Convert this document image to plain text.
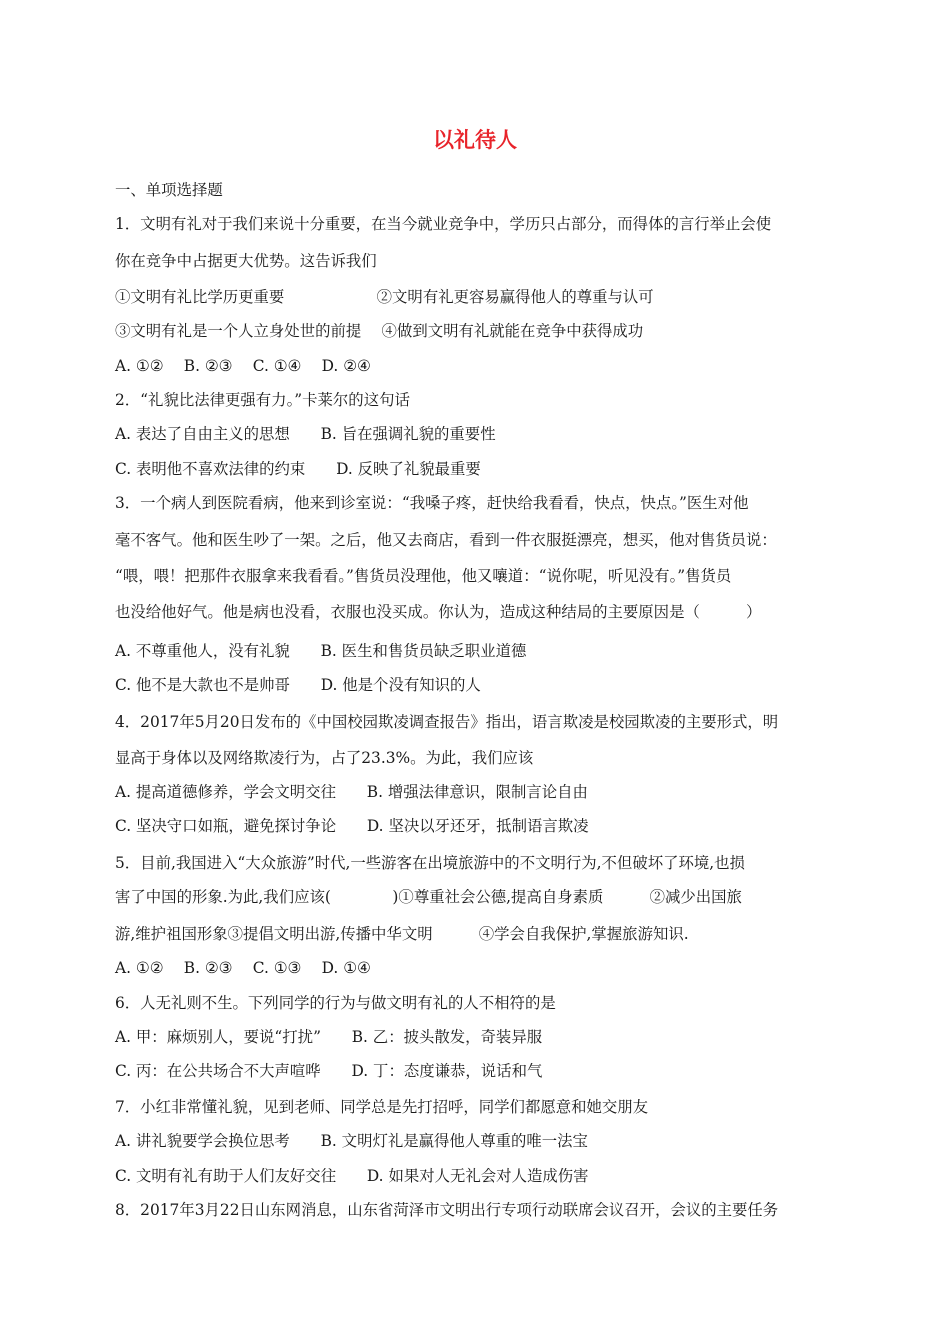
以礼待人
一、单项选择题
1．文明有礼对于我们来说十分重要，在当今就业竞争中，学历只占部分，而得体的言行举止会使
你在竞争中占据更大优势。这告诉我们
①文明有礼比学历更重要　　　　　　②文明有礼更容易赢得他人的尊重与认可
③文明有礼是一个人立身处世的前提　 ④做到文明有礼就能在竞争中获得成功
A. ①②　 B. ②③　 C. ①④　 D. ②④
2．“礼貌比法律更强有力。”卡莱尔的这句话
A. 表达了自由主义的思想　　B. 旨在强调礼貌的重要性
C. 表明他不喜欢法律的约束　　D. 反映了礼貌最重要
3．一个病人到医院看病，他来到诊室说：“我嗓子疼，赶快给我看看，快点，快点。”医生对他
毫不客气。他和医生吵了一架。之后，他又去商店，看到一件衣服挺漂亮，想买，他对售货员说：
“喂，喂！把那件衣服拿来我看看。”售货员没理他，他又嚷道：“说你呢，听见没有。”售货员
也没给他好气。他是病也没看，衣服也没买成。你认为，造成这种结局的主要原因是（　　　）
A. 不尊重他人，没有礼貌　　B. 医生和售货员缺乏职业道德
C. 他不是大款也不是帅哥　　D. 他是个没有知识的人
4．2017年5月20日发布的《中国校园欺凌调查报告》指出，语言欺凌是校园欺凌的主要形式，明
显高于身体以及网络欺凌行为，占了23.3%。为此，我们应该
A. 提高道德修养，学会文明交往　　B. 增强法律意识，限制言论自由
C. 坚决守口如瓶，避免探讨争论　　D. 坚决以牙还牙，抵制语言欺凌
5．目前,我国进入“大众旅游”时代,一些游客在出境旅游中的不文明行为,不但破坏了环境,也损
害了中国的形象.为此,我们应该(　　　　)①尊重社会公德,提高自身素质　　　②减少出国旅
游,维护祖国形象③提倡文明出游,传播中华文明　　　④学会自我保护,掌握旅游知识.
A. ①②　 B. ②③　 C. ①③　 D. ①④
6．人无礼则不生。下列同学的行为与做文明有礼的人不相符的是
A. 甲：麻烦别人，要说“打扰”　　B. 乙：披头散发，奇装异服
C. 丙：在公共场合不大声喧哗　　D. 丁：态度谦恭，说话和气
7．小红非常懂礼貌，见到老师、同学总是先打招呼，同学们都愿意和她交朋友
A. 讲礼貌要学会换位思考　　B. 文明灯礼是赢得他人尊重的唯一法宝
C. 文明有礼有助于人们友好交往　　D. 如果对人无礼会对人造成伤害
8．2017年3月22日山东网消息，山东省菏泽市文明出行专项行动联席会议召开，会议的主要任务
